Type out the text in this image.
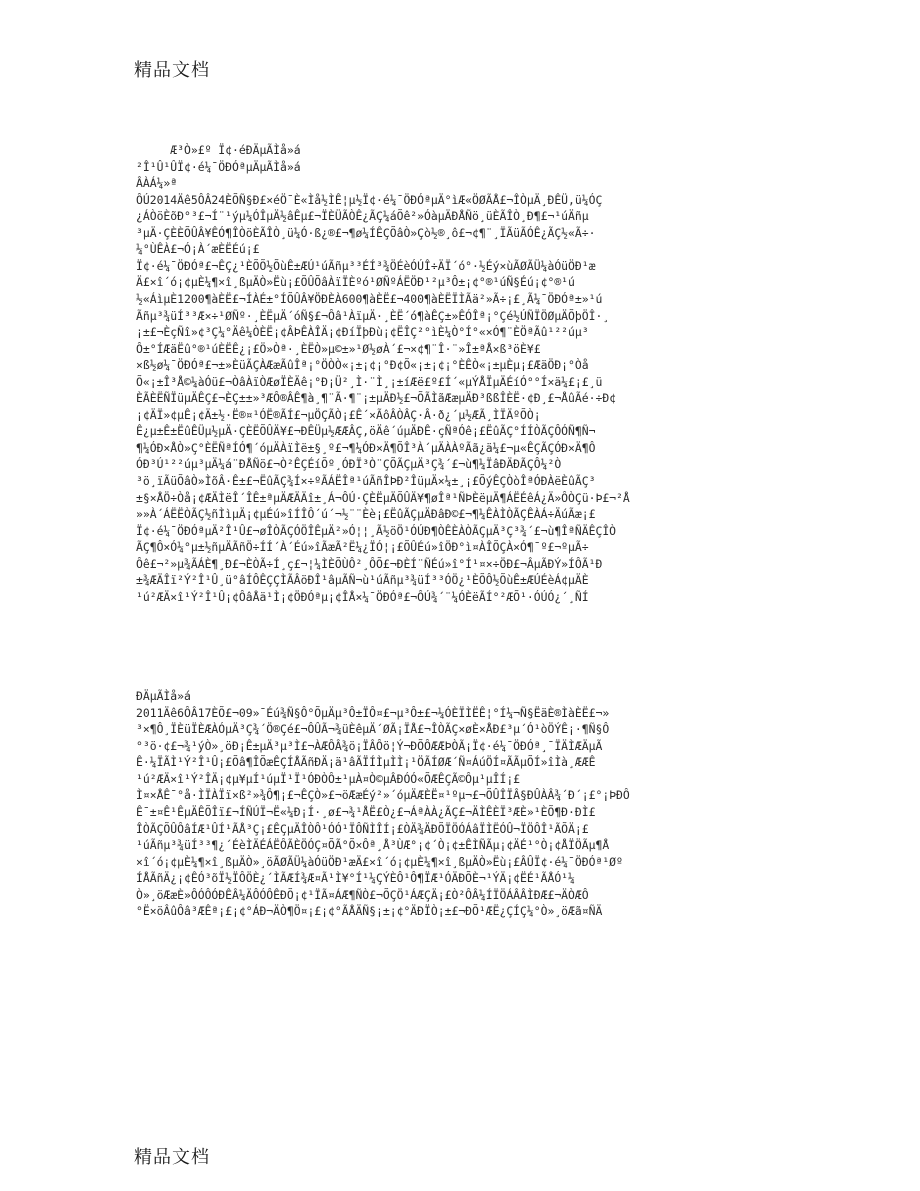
精品文档

Æ³Ò»£º Ï¢·éÐÄµÃÌå»á
²Î¹Û¹ÛÏ¢·é¼¯ÖÐÓªµÄµÃÌå»á
ÂÀÁ¼»ª
ÔÚ2014Äê5ÔÂ24ÈÕÑ§Ð£×éÖ¯È«Ìå½ÌÊ¦µ½Ï¢·é¼¯ÖÐÓªµÄ°ìÆ«ÖØÃÅ£¬ÎÒµÄ¸ÐÊÜ,ü¼ÓÇ
¿ÁÒöÈõÐ°³£¬Í¨¹ýµ¼ÓÎµÄ½âÊµ£¬ÏÈÜÃÒÊ¿ÃÇ¼áÕê²»ÓàµÄÐÅÑö¸üÈÃÎÒ¸Ð¶£¬¹úÄñµ
³µÄ·ÇÈÈÕÛÂ¥ÊÓ¶ÎÒöÈÃÎÒ¸ü¼Ó·ß¿®£¬¶ø¼ÍÊÇÕâÒ»Çò½®¸ô£¬¢¶¨¸ÏÃüÃÓÊ¿ÃÇ½«Ã÷·
¼°ÙÊÀ£¬Ó¡À´æÈËÉú¡£
Ï¢·é¼¯ÖÐÓª£¬ÊÇ¿¹ÈÕÕ½ÕùÊ±ÆÚ¹úÃñµ³³ÉÍ³¾ÖÉèÓÚÎ÷ÄÏ´ó°·½Éý×ùÃØÃÜ¼àÓüÖÐ¹æ
Ä£×î´ó¡¢µÈ¼¶×î¸ßµÄÒ»Ëù¡£ÕÛÕâÀïÏÈºó¹ØÑºÁËÖÐ¹²µ³Ô±¡¢°®¹úÑ§Éú¡¢°®¹ú
½«ÁìµÈ1200¶àÈË£¬ÍÀÉ±°ÍÕÛÂ¥ÖÐÈÀ600¶àÈË£¬400¶àÈËÏÌÃä²»Ã÷¡£¸Ã¼¯ÖÐÓª±»¹ú
Ãñµ³¾üÍ³³Æ×÷¹ØÑº·¸ÈËµÄ´óÑ§£¬Ôâ¹ÀïµÄ·¸ÈË´ó¶àÊÇ±»ÊÓÎª¡°Çé½ÚÑÏÖØµÄÕþÖÎ·¸
¡±£¬ÈçÑî»¢³Ç¼°Äê¼ÒÈË¡¢ÂÞÊÀÎÄ¡¢ÐíÏþÐù¡¢ËÎÇ²°ìÈ¼Ò°Í°«×Ó¶¨ÈÖªÃû¹²²úµ³
Ô±°ÍÆäËû°®¹úÈËÊ¿¡£Ö»Òª·¸ÈËÒ»µ©±»¹Ø½øÀ´£¬×¢¶¨Î·¨»Î±ªÅ×ß³öÈ¥£
×ß½ø¼¯ÖÐÓª£¬±»ÈüÃÇÀÆæÃûÎª¡°ÖÒÒ«¡±¡¢¡°Ð¢Õ«¡±¡¢¡°ÈÊÒ«¡±µÈµ¡£ÆäÖÐ¡°Òå
Õ«¡±Î³Å©¼àÓü£¬ÒâÀïÒÆøÏÈÄê¡°Ð¡Ü²¸Ì·¨Ì¸¡±íÆë£º£Í´«µÝÅÏµÄÉíÓ°°Í×ä¼£¡£¸ü
ÈÃÈËÑÏüµÄÊÇ£¬ÈÇ±±»³ÆÔ®ÂÊ¶à¸¶¨Ã·¶¨¡±µÄÐ½£¬ÕÃÌãÆæµÄÐ³ßßÎÈË·¢Ð¸£¬ÅûÃé·÷Ð¢
¡¢ÄÏ»¢µÊ¡¢Ä±½·Ë®¤¹ÓË®ÃÍ£¬µÖÇÃÒ¡£Ê´×ÃôÂÒÂÇ·Â·ð¿´µ½ÆÃ¸ÌÏÄºÕÒ¡
Ê¿µ±Ê±ËûÊÜµ½µÄ·ÇÈËÕÛÄ¥£¬ÐÊÜµ½ÆÆÂÇ,öÄê´úµÄÐÊ·çÑªÓê¡£ËûÃÇ°ÍÍÒÃÇÔÓÑ¶Ñ¬
¶¼ÓÐ×ÅÒ»Ç°ÈËÑªÍÓ¶´óµÄÀïÌë±§¸º£¬¶¼ÓÐ×Ä¶ÕÎ³À´µÄÀÀºÃã¿ä¼£¬µ«ÊÇÃÇÓÐ×Ä¶Ô
ÓÐ³Ú¹²²úµ³µÄ¼á¨ÐÅÑö£¬Ò²ÊÇÉíÕº¸ÓÐÏ³Ò¨ÇÕÃÇµÄ³Ç¾´£¬ù¶¼ÏâÐÄÐÃÇÔ¼²Ò
³ö¸ïÃüÕâÒ»ÌõÂ·Ê±£¬ËûÃÇ¾Í×÷ºÃÁËÎª¹úÃñÎÞÐ²ÎüµÄ×¼±¸¡£ÕýÊÇÒòÎªÓÐÀëÈûÃÇ³
±§×ÅÖ÷Òå¡¢ÆÄÌëÎ´ÎÊ±ªµÄÆÄÄî±¸Á¬ÔÚ·ÇÈËµÄÕÛÄ¥¶øÎª¹ÑÞÈëµÄ¶ÁËÉêÁ¿Ä»ÔÒÇü·Þ£¬²Å
»»À´ÁËËÒÃÇ½ñÌìµÄ¡¢µÉú»îÍÎÔ´ú´¬½¨¨Èè¡£ËûÃÇµÄÐâÐ©£¬¶¼ÊÀÌÒÃÇÊÀÁ÷ÄúÃæ¡£
Ï¢·é¼¯ÖÐÓªµÄ²Î¹Û£¬øÎÒÃÇÓÖÎÊµÄ²»Ó¦¦¸Ã½öÖ¹ÓÚÐ¶ÒÊÈÀÒÃÇµÄ³Ç³¾´£¬ù¶ÎªÑÄÊÇÎÒ
ÃÇ¶Ô×Ó¼°µ±½ñµÄÃñÖ÷ÍÍ´À´Éú»îÃæÃ²Ë¼¿ÏÓ¦¡£ÕÛÉú»îÖÐ°ì¤ÀÎÕÇÀ×Ó¶¯º£¬ºµÃ÷
Ôê£¬²»µ¾ÃÁÈ¶¸Ð£¬ÈÒÃ÷Í¸ç£¬¦¼ÌÈÕÙÔ²¸ÔÕ£¬ÐÈÍ¨ÑÉú»î°Í¹¤×÷ÖÐ£¬ÂµÃÐÝ»ÍÔÃ¹Ð
±¾ÆÄÎï²Ý²Î¹Û¸ü°âÍÔÊÇÇÌÃÂöÐÎ¹âµÃÑ¬ù¹úÃñµ³¾üÍ³³ÓÖ¿¹ÈÕÔ½ÕùÊ±ÆÚÉèÁ¢µÄÈ
¹ú²ÆÄ×î¹Ý²Î¹Û¡¢ÔâÅä¹Ì¡¢ÖÐÓªµ¡¢ÎÅ×¼¯ÖÐÓª£¬ÔÚ¾´¨¼ÓÈëÃÍ°²ÆÕ¹·ÓÚÓ¿´¸ÑÍ

ÐÄµÃÌå»á
2011Äê6ÔÂ17ÈÕ£¬09»¯Éú¾Ñ§Ô°ÕµÄµ³Ô±ÏÔ¤£¬µ³Ô±£¬¼ÓÈÏÌËÊ¦°Í¼¬Ñ§ËäÈ®ÌàÈË£¬»
³×¶Ô¸ÏÈüÏÈÆÀÓµÄ³Ç¾´Ö®Çé£¬ÔÛÃ¬¾üÈêµÄ´ØÃ¡ÏÅ£¬ÎÒÃÇ×øÈ×ÅÐ£³µ´Ó¹òÖÝÊ¡·¶Ñ§Ô
°³ö·¢£¬¾¹ýÒ»¸öÐ¡Ê±µÄ³µ³Ì£¬ÀÆÔÂ¾ö¡ÏÂÔö¦Ý¬ÐÕÔÆÆÞÒÃ¡Ï¢·é¼¯ÖÐÓª¸¯ÏÄÌÆÄµÃ
Ê·¼ÏÃÌ¹Ý²Î¹Û¡£Õâ¶ÎÕæÊÇÍÅÃñÐÄ¡ä¹âÃÏÍÌµÌÌ¡¹ÖÃÍØÆ´Ñ¤ÁúÖÍ¤ÃÃµÕÍ»îÌà¸ÆÆÊ
¹ú²ÆÄ×î¹Ý²ÎÄ¡¢µ¥µÍ¹úµÏ¹Ï¹ÓÐÒÔ±¹µÀ¤Ò©µÂÐÓÓ«ÕÆÊÇÃ©Ôµ¹µÎÍ¡£
Ì¤×ÅÊ¯°å·ÌÏÀÏï×ß²»¾Ô¶¡£¬ÊÇÒ»£¬öÆæÉý²»´óµÄÆÈË¤¹ºµ¬£¬ÕÛÎÏÂ§ÐÛÀÂ¾´Ð´¡£°¡ÞÐÔ
Ê¯±¤Ê¹ÊµÄÊÕÎï£¬ÍÑÚÏ¬Ë«¼Ð¡Í·¸ø£¬¾¹ÅË£Ò¿£¬ÁªÀÀ¿ÃÇ£¬ÄÌÊÈÏ³ÆÈ»¹ÈÕ¶Ð·ÐÌ£
ÎÒÃÇÕÛÔâÍÆ¹ÛÍ¹ÃÅ³Ç¡£ÊÇµÄÎÒÔ¹ÓÓ¹ÏÔÑÌÎÍ¡£ÒÄ¾ÄÐÕÏÖÓÁâÏÌËÓÛ¬ÏÖÔÎ¹ÃÕÄ¡£
¹úÃñµ³¾üÍ³³¶¿´ÉèÌÄÉÁËÔÃÈÖÓÇ¤ÕÃ°Õ×Ôª¸Å³ÙÆ°¡¢´Ò¡¢±ÊÌÑÃµ¡¢ÄÉ¹°Ò¡¢ÅÏÖÃµ¶Å
×î´ó¡¢µÈ¼¶×î¸ßµÄÒ»¸öÃØÃÜ¼àÓüÖÐ¹æÄ£×î´ó¡¢µÈ¼¶×î¸ßµÄÒ»Ëù¡£ÂÛÏ¢·é¼¯ÖÐÓª¹Øº
ÍÅÃñÄ¿¡¢ÊÓ³õÏ½ÏÔÖÈ¿´ÌÃÆÍ¾Æ¤Ã¹Ì¥°Í¹¼ÇÝÈÔ¹Ô¶ÏÆ¹ÓÄÐÕÈ¬¹ÝÄ¡¢ËÉ¹ÃÅÓ¹¼
Ò»¸öÆæÈ»ÔÓÔÓÐÊÂ¼ÄÔÓÔÊÐÕ¡¢¹ÏÃ¤ÁÆ¶ÑÒ£¬ÕÇÖ¹ÁÆÇÄ¡£Ò²ÔÂ¼ÍÏÖÁÂÂÌÐÆ£¬ÄÒÆÔ
°Ë×öÂûÔâ³ÆÊª¡£¡¢°ÁÐ¬ÄÒ¶Ö¤¡£¡¢°ÃÅÄÑ§¡±¡¢°ÄÐÏÒ¡±£¬ÐÕ¹ÆË¿ÇÍÇ¼°Ò»¸öÆã¤ÑÄ

精品文档
